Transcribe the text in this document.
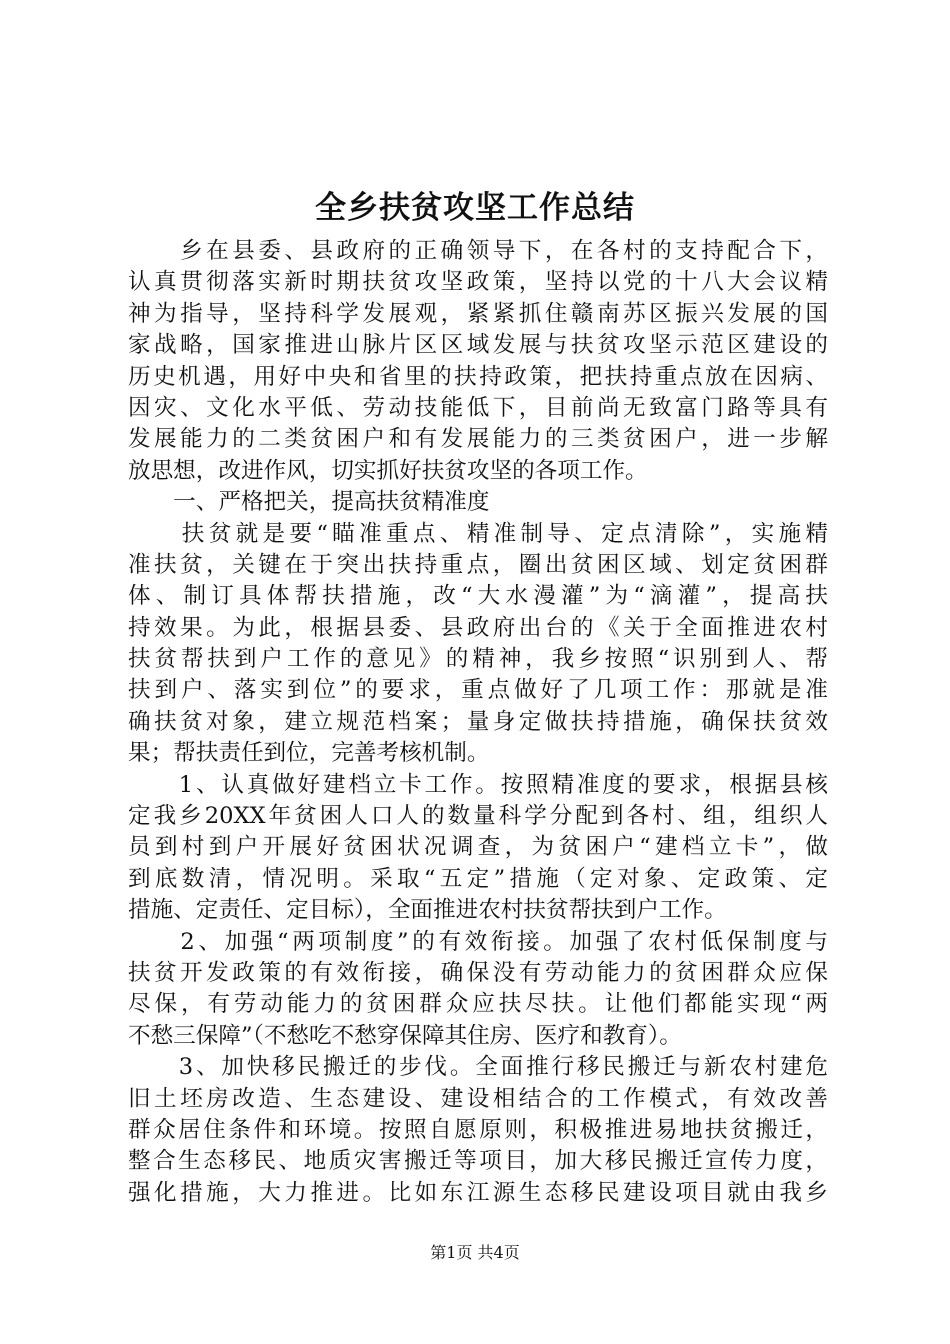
全乡扶贫攻坚工作总结
　　乡在县委、县政府的正确领导下，在各村的支持配合下，
认真贯彻落实新时期扶贫攻坚政策，坚持以党的十八大会议精
神为指导，坚持科学发展观，紧紧抓住赣南苏区振兴发展的国
家战略，国家推进山脉片区区域发展与扶贫攻坚示范区建设的
历史机遇，用好中央和省里的扶持政策，把扶持重点放在因病、
因灾、文化水平低、劳动技能低下，目前尚无致富门路等具有
发展能力的二类贫困户和有发展能力的三类贫困户，进一步解
放思想，改进作风，切实抓好扶贫攻坚的各项工作。
　　一、严格把关，提高扶贫精准度
　　扶贫就是要“瞄准重点、精准制导、定点清除”，实施精
准扶贫，关键在于突出扶持重点，圈出贫困区域、划定贫困群
体、制订具体帮扶措施，改“大水漫灌”为“滴灌”，提高扶
持效果。为此，根据县委、县政府出台的《关于全面推进农村
扶贫帮扶到户工作的意见》的精神，我乡按照“识别到人、帮
扶到户、落实到位”的要求，重点做好了几项工作：那就是准
确扶贫对象，建立规范档案；量身定做扶持措施，确保扶贫效
果；帮扶责任到位，完善考核机制。
　　1、认真做好建档立卡工作。按照精准度的要求，根据县核
定我乡20XX年贫困人口人的数量科学分配到各村、组，组织人
员到村到户开展好贫困状况调查，为贫困户“建档立卡”，做
到底数清，情况明。采取“五定”措施（定对象、定政策、定
措施、定责任、定目标），全面推进农村扶贫帮扶到户工作。
　　2、加强“两项制度”的有效衔接。加强了农村低保制度与
扶贫开发政策的有效衔接，确保没有劳动能力的贫困群众应保
尽保，有劳动能力的贫困群众应扶尽扶。让他们都能实现“两
不愁三保障”（不愁吃不愁穿保障其住房、医疗和教育）。
　　3、加快移民搬迁的步伐。全面推行移民搬迁与新农村建危
旧土坯房改造、生态建设、建设相结合的工作模式，有效改善
群众居住条件和环境。按照自愿原则，积极推进易地扶贫搬迁，
整合生态移民、地质灾害搬迁等项目，加大移民搬迁宣传力度，
强化措施，大力推进。比如东江源生态移民建设项目就由我乡
第1页 共4页
